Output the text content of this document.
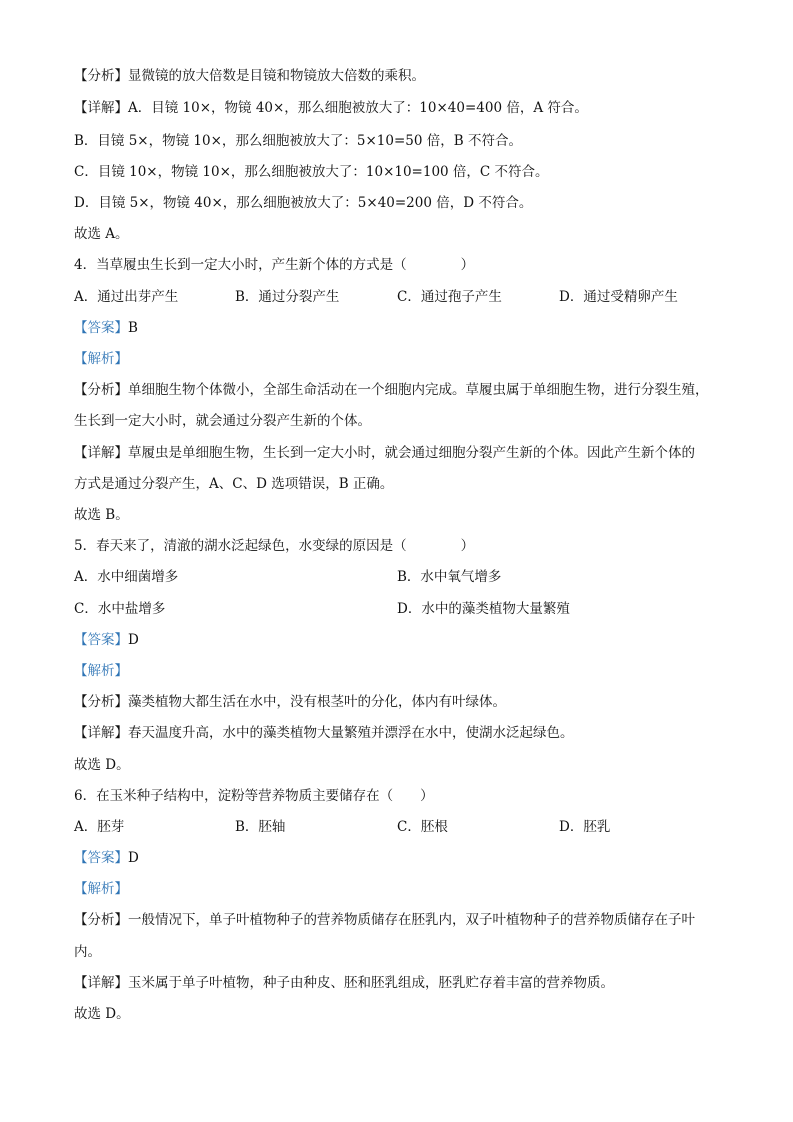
【分析】显微镜的放大倍数是目镜和物镜放大倍数的乘积。
【详解】A．目镜 10×，物镜 40×，那么细胞被放大了：10×40=400 倍，A 符合。
B．目镜 5×，物镜 10×，那么细胞被放大了：5×10=50 倍，B 不符合。
C．目镜 10×，物镜 10×，那么细胞被放大了：10×10=100 倍，C 不符合。
D．目镜 5×，物镜 40×，那么细胞被放大了：5×40=200 倍，D 不符合。
故选 A。
4．当草履虫生长到一定大小时，产生新个体的方式是（　　　　）
A．通过出芽产生	B．通过分裂产生	C．通过孢子产生	D．通过受精卵产生
【答案】B
【解析】
【分析】单细胞生物个体微小，全部生命活动在一个细胞内完成。草履虫属于单细胞生物，进行分裂生殖，
生长到一定大小时，就会通过分裂产生新的个体。
【详解】草履虫是单细胞生物，生长到一定大小时，就会通过细胞分裂产生新的个体。因此产生新个体的
方式是通过分裂产生，A、C、D 选项错误，B 正确。
故选 B。
5．春天来了，清澈的湖水泛起绿色，水变绿的原因是（　　　　）
A．水中细菌增多	B．水中氧气增多
C．水中盐增多	D．水中的藻类植物大量繁殖
【答案】D
【解析】
【分析】藻类植物大都生活在水中，没有根茎叶的分化，体内有叶绿体。
【详解】春天温度升高，水中的藻类植物大量繁殖并漂浮在水中，使湖水泛起绿色。
故选 D。
6．在玉米种子结构中，淀粉等营养物质主要储存在（　　）
A．胚芽	B．胚轴	C．胚根	D．胚乳
【答案】D
【解析】
【分析】一般情况下，单子叶植物种子的营养物质储存在胚乳内，双子叶植物种子的营养物质储存在子叶
内。
【详解】玉米属于单子叶植物，种子由种皮、胚和胚乳组成，胚乳贮存着丰富的营养物质。
故选 D。
